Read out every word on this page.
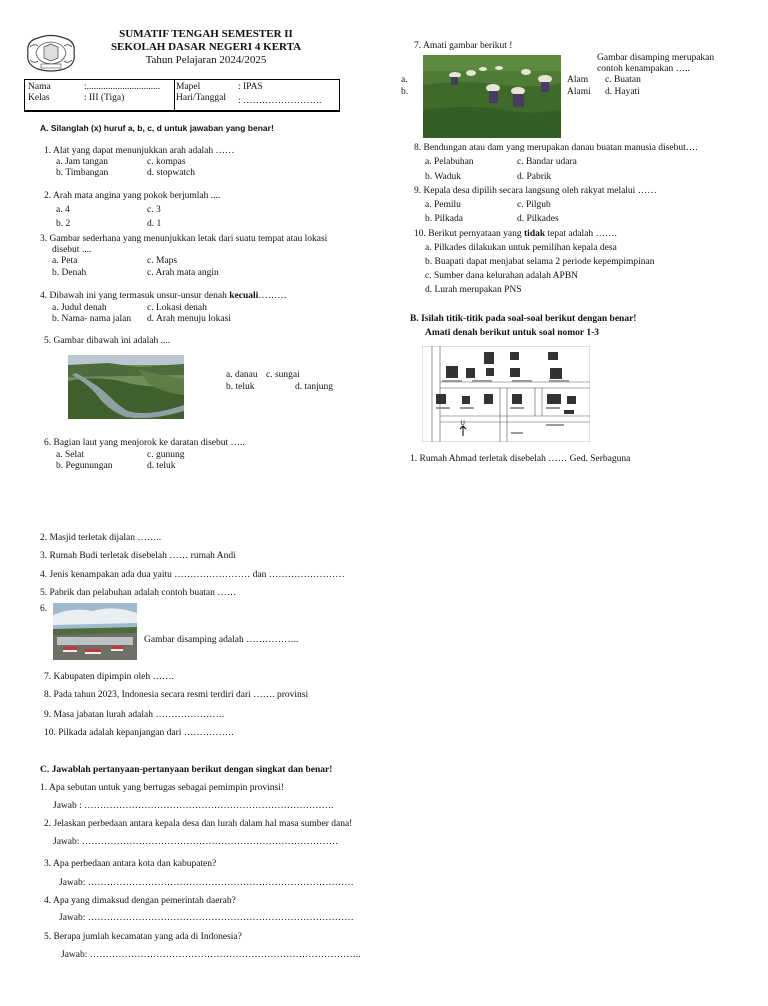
SUMATIF TENGAH SEMESTER II
SEKOLAH DASAR NEGERI 4 KERTA
Tahun Pelajaran 2024/2025
Nama	:...............................
Kelas	: III (Tiga)
Mapel	: IPAS
Hari/Tanggal : …………………….
A. Silanglah (x) huruf a, b, c, d untuk jawaban yang benar!
1. Alat yang dapat menunjukkan arah adalah ……
a. Jam tangan	c. kompas
b. Timbangan	d. stopwatch
2. Arah mata angina yang pokok berjumlah ....
a. 4	c. 3
b. 2	d. 1
3. Gambar sederhana yang menunjukkan letak dari suatu tempat atau lokasi
disebut ....
a. Peta	c. Maps
b. Denah	c. Arah mata angin
4. Dibawah ini yang termasuk unsur-unsur denah kecuali………
a. Judul denah	c. Lokasi denah
b. Nama- nama jalan d. Arah menuju lokasi
5. Gambar dibawah ini adalah ....
a. danau c. sungai
b. teluk	d. tanjung
6. Bagian laut yang menjorok ke daratan disebut …..
a. Selat	c. gunung
b. Pegunungan	d. teluk
7. Amati gambar berikut !
Gambar disamping merupakan
contoh kenampakan …..
a.	Alam c. Buatan
b.	Alami d. Hayati
8. Bendungan atau dam yang merupakan danau buatan manusia disebut….
a. Pelabuhan	c. Bandar udara
b. Waduk	d. Pabrik
9. Kepala desa dipilih secara langsung oleh rakyat melalui ……
a. Pemilu	c. Pilgub
b. Pilkada	d. Pilkades
10. Berikut pernyataan yang tidak tepat adalah …….
a. Pilkades dilakukan untuk pemilihan kepala desa
b. Buapati dapat menjabat selama 2 periode kepempimpinan
c. Sumber dana kelurahan adalah APBN
d. Lurah merupakan PNS
B. Isilah titik-titik pada soal-soal berikut dengan benar!
Amati denah berikut untuk soal nomor 1-3
U
1. Rumah Ahmad terletak disebelah …… Ged. Serbaguna
2. Masjid terletak dijalan ……..
3. Rumah Budi terletak disebelah …… rumah Andi
4. Jenis kenampakan ada dua yaitu …………………… dan ……………………
5. Pabrik dan pelabuhan adalah contoh buatan ……
6.
Gambar disamping adalah ……………..
7. Kabupaten dipimpin oleh …….
8. Pada tahun 2023, Indonesia secara resmi terdiri dari ……. provinsi
9. Masa jabatan lurah adalah ………………….
10. Pilkada adalah kepanjangan dari …………….
C. Jawablah pertanyaan-pertanyaan berikut dengan singkat dan benar!
1. Apa sebutan untuk yang bertugas sebagai pemimpin provinsi!
Jawab : …………………………………………………………………….
2. Jelaskan perbedaan antara kepala desa dan lurah dalam hal masa sumber dana!
Jawab: ………………………………………………………………………
3. Apa perbedaan antara kota dan kabupaten?
Jawab: …………………………………………………………………………
4. Apa yang dimaksud dengan pemerintah daerah?
Jawab: …………………………………………………………………………
5. Berapa jumlah kecamatan yang ada di Indonesia?
Jawab: …………………………………………………………………………..
